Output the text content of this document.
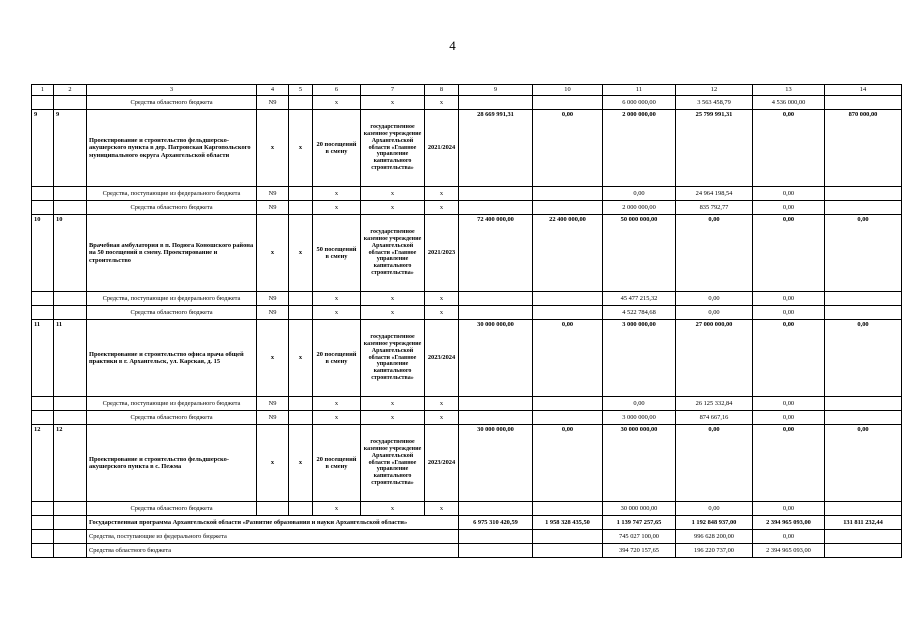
4
1	2	3	4	5	6	7	8	9	10	11	12	13	14
		Средства областного бюджета	N9		x	x	x			6 000 000,00	3 563 458,79	4 536 000,00	
9	9	Проектирование и строительство фельдшерско-акушерского пункта в дер. Патровская Каргопольского муниципального округа Архангельской области	x	x	20 посещений в смену	государственное казенное учреждение Архангельской области «Главное управление капитального строительства»	2021/2024	28 669 991,31	0,00	2 000 000,00	25 799 991,31	0,00	870 000,00
		Средства, поступающие из федерального бюджета	N9		x	x	x			0,00	24 964 198,54	0,00	
		Средства областного бюджета	N9		x	x	x			2 000 000,00	835 792,77	0,00	
10	10	Врачебная амбулатория в п. Подюга Коношского района на 50 посещений в смену. Проектирование и строительство	x	x	50 посещений в смену	государственное казенное учреждение Архангельской области «Главное управление капитального строительства»	2021/2023	72 400 000,00	22 400 000,00	50 000 000,00	0,00	0,00	0,00
		Средства, поступающие из федерального бюджета	N9		x	x	x			45 477 215,32	0,00	0,00	
		Средства областного бюджета	N9		x	x	x			4 522 784,68	0,00	0,00	
11	11	Проектирование и строительство офиса врача общей практики в г. Архангельск, ул. Карская, д. 15	x	x	20 посещений в смену	государственное казенное учреждение Архангельской области «Главное управление капитального строительства»	2023/2024	30 000 000,00	0,00	3 000 000,00	27 000 000,00	0,00	0,00
		Средства, поступающие из федерального бюджета	N9		x	x	x			0,00	26 125 332,84	0,00	
		Средства областного бюджета	N9		x	x	x			3 000 000,00	874 667,16	0,00	
12	12	Проектирование и строительство фельдшерско-акушерского пункта в с. Пежма	x	x	20 посещений в смену	государственное казенное учреждение Архангельской области «Главное управление капитального строительства»	2023/2024	30 000 000,00	0,00	30 000 000,00	0,00	0,00	0,00
		Средства областного бюджета			x	x	x			30 000 000,00	0,00	0,00	
		Государственная программа Архангельской области «Развитие образования и науки Архангельской области»						6 975 310 420,59	1 958 328 435,50	1 139 747 257,65	1 192 848 937,00	2 394 965 093,00	131 811 232,44
		Средства, поступающие из федерального бюджета								745 027 100,00	996 628 200,00	0,00	
		Средства областного бюджета								394 720 157,65	196 220 737,00	2 394 965 093,00	
